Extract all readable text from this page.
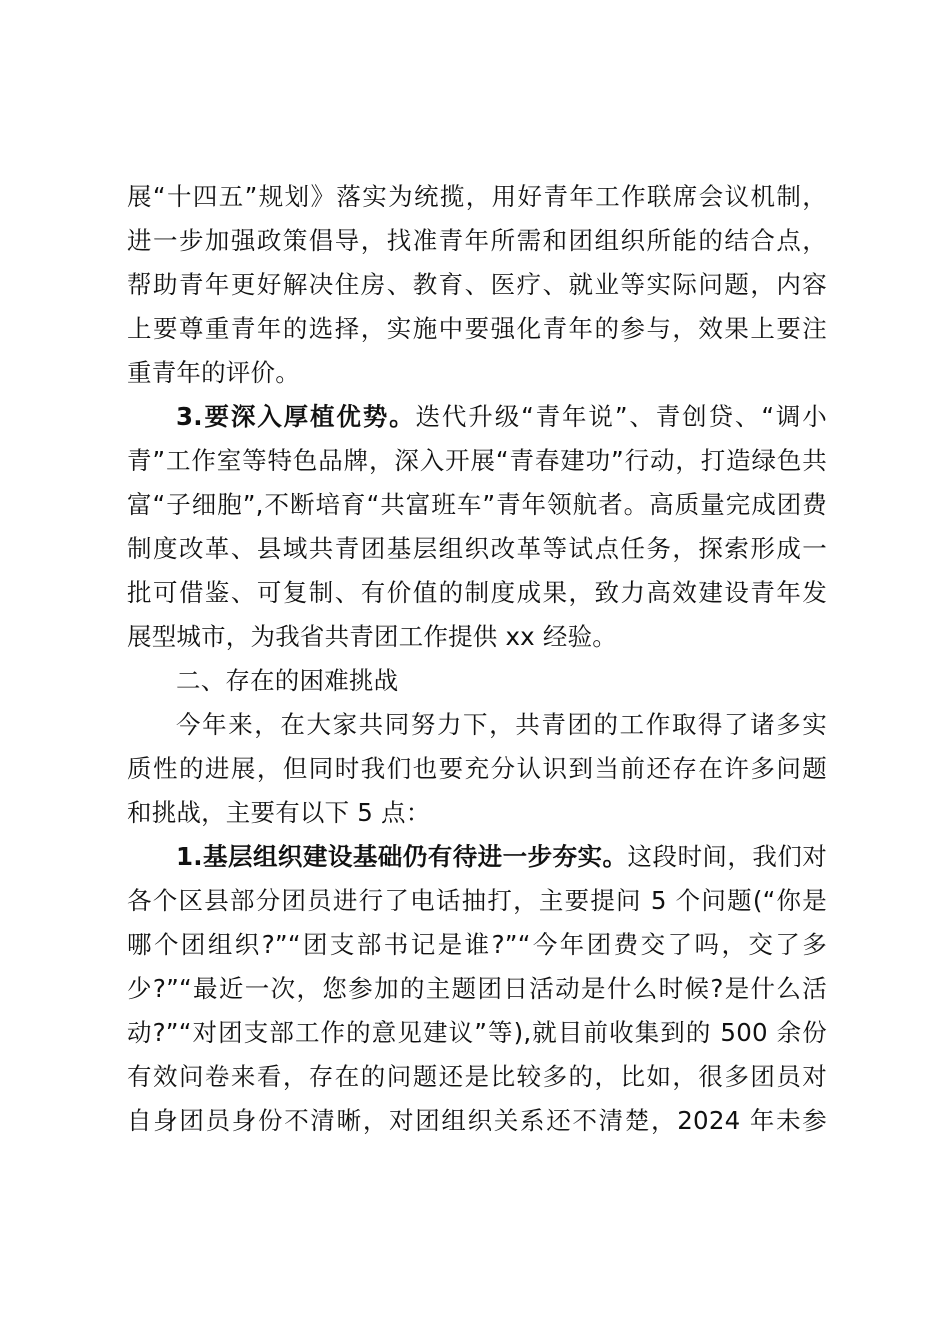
展“十四五”规划》落实为统揽，用好青年工作联席会议机制，
进一步加强政策倡导，找准青年所需和团组织所能的结合点，
帮助青年更好解决住房、教育、医疗、就业等实际问题，内容
上要尊重青年的选择，实施中要强化青年的参与，效果上要注
重青年的评价。
3.要深入厚植优势。迭代升级“青年说”、青创贷、“调小
青”工作室等特色品牌，深入开展“青春建功”行动，打造绿色共
富“子细胞”,不断培育“共富班车”青年领航者。高质量完成团费
制度改革、县域共青团基层组织改革等试点任务，探索形成一
批可借鉴、可复制、有价值的制度成果，致力高效建设青年发
展型城市，为我省共青团工作提供 xx 经验。
二、存在的困难挑战
今年来，在大家共同努力下，共青团的工作取得了诸多实
质性的进展，但同时我们也要充分认识到当前还存在许多问题
和挑战，主要有以下 5 点：
1.基层组织建设基础仍有待进一步夯实。这段时间，我们对
各个区县部分团员进行了电话抽打，主要提问 5 个问题(“你是
哪个团组织?”“团支部书记是谁?”“今年团费交了吗，交了多
少?”“最近一次，您参加的主题团日活动是什么时候?是什么活
动?”“对团支部工作的意见建议”等),就目前收集到的 500 余份
有效问卷来看，存在的问题还是比较多的，比如，很多团员对
自身团员身份不清晰，对团组织关系还不清楚，2024 年未参
